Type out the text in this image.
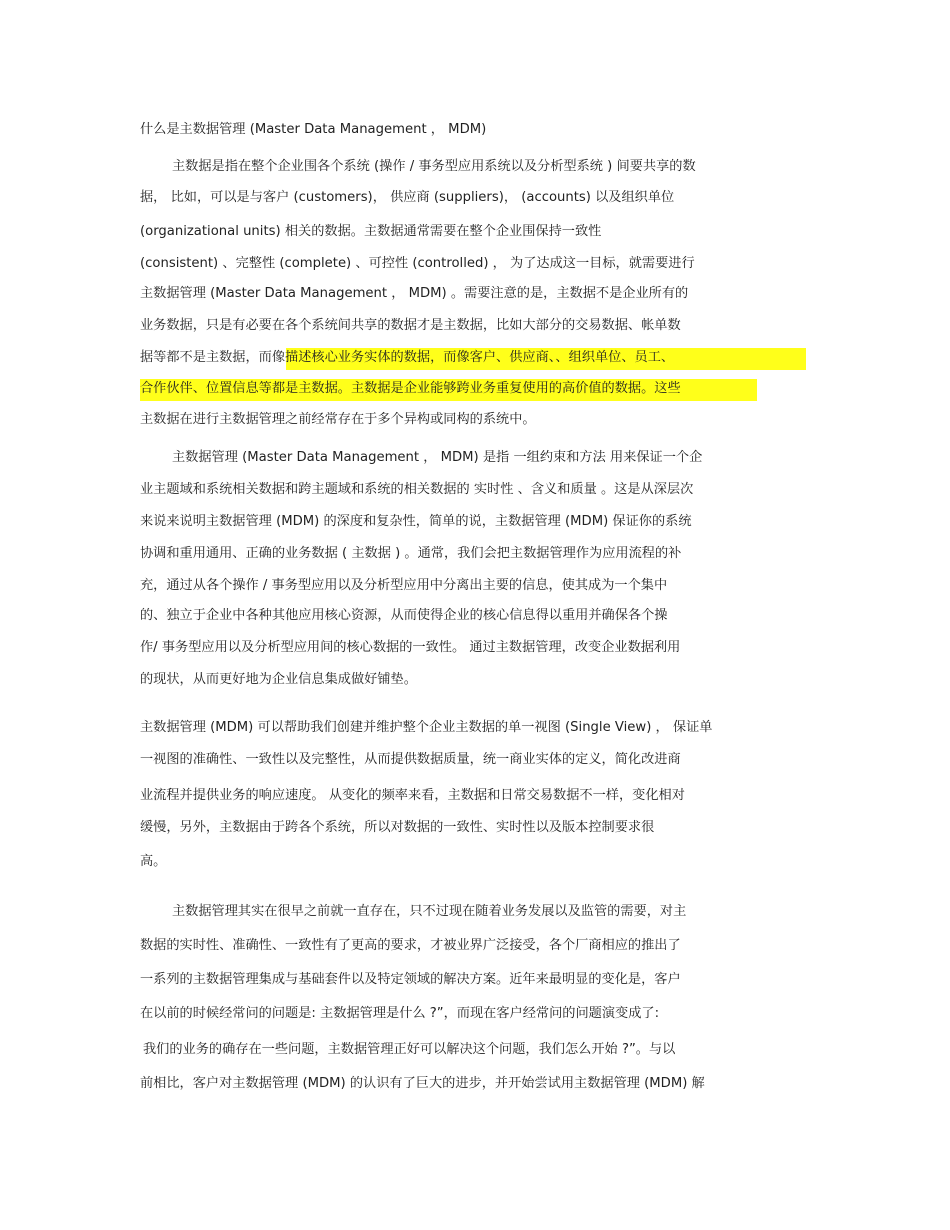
什么是主数据管理 (Master Data Management ， MDM)
主数据是指在整个企业围各个系统 (操作 / 事务型应用系统以及分析型系统 ) 间要共享的数
据， 比如，可以是与客户 (customers)， 供应商 (suppliers)， (accounts) 以及组织单位
(organizational units) 相关的数据。主数据通常需要在整个企业围保持一致性
(consistent) 、完整性 (complete) 、可控性 (controlled) ， 为了达成这一目标，就需要进行
主数据管理 (Master Data Management ， MDM) 。需要注意的是，主数据不是企业所有的
业务数据，只是有必要在各个系统间共享的数据才是主数据，比如大部分的交易数据、帐单数
据等都不是主数据，而像描述核心业务实体的数据，而像客户、供应商、、组织单位、员工、
合作伙伴、位置信息等都是主数据。主数据是企业能够跨业务重复使用的高价值的数据。这些
主数据在进行主数据管理之前经常存在于多个异构或同构的系统中。
主数据管理 (Master Data Management ， MDM) 是指 一组约束和方法 用来保证一个企
业主题域和系统相关数据和跨主题域和系统的相关数据的 实时性 、含义和质量 。这是从深层次
来说来说明主数据管理 (MDM) 的深度和复杂性，简单的说，主数据管理 (MDM) 保证你的系统
协调和重用通用、正确的业务数据 ( 主数据 ) 。通常，我们会把主数据管理作为应用流程的补
充，通过从各个操作 / 事务型应用以及分析型应用中分离出主要的信息，使其成为一个集中
的、独立于企业中各种其他应用核心资源，从而使得企业的核心信息得以重用并确保各个操
作/ 事务型应用以及分析型应用间的核心数据的一致性。 通过主数据管理，改变企业数据利用
的现状，从而更好地为企业信息集成做好铺垫。
主数据管理 (MDM) 可以帮助我们创建并维护整个企业主数据的单一视图 (Single View) ， 保证单
一视图的准确性、一致性以及完整性，从而提供数据质量，统一商业实体的定义，简化改进商
业流程并提供业务的响应速度。 从变化的频率来看，主数据和日常交易数据不一样，变化相对
缓慢，另外，主数据由于跨各个系统，所以对数据的一致性、实时性以及版本控制要求很
高。
主数据管理其实在很早之前就一直存在，只不过现在随着业务发展以及监管的需要，对主
数据的实时性、准确性、一致性有了更高的要求，才被业界广泛接受，各个厂商相应的推出了
一系列的主数据管理集成与基础套件以及特定领域的解决方案。近年来最明显的变化是，客户
在以前的时候经常问的问题是: 主数据管理是什么 ?”，而现在客户经常问的问题演变成了:
我们的业务的确存在一些问题，主数据管理正好可以解决这个问题，我们怎么开始 ?”。与以
前相比，客户对主数据管理 (MDM) 的认识有了巨大的进步，并开始尝试用主数据管理 (MDM) 解
